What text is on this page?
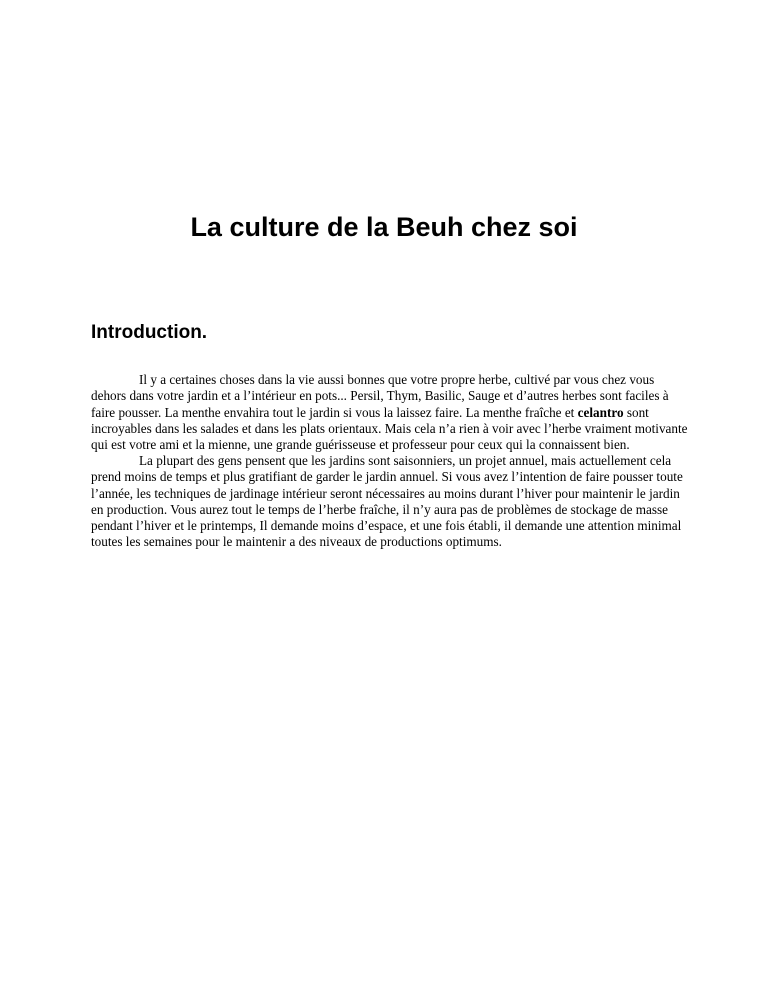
La culture de la Beuh chez soi
Introduction.

Il y a certaines choses dans la vie aussi bonnes que votre propre herbe, cultivé par vous chez vous
dehors dans votre jardin et a l’intérieur en pots... Persil, Thym, Basilic, Sauge et d’autres herbes sont faciles à
faire pousser. La menthe envahira tout le jardin si vous la laissez faire. La menthe fraîche et celantro sont
incroyables dans les salades et dans les plats orientaux. Mais cela n’a rien à voir avec l’herbe vraiment motivante
qui est votre ami et la mienne, une grande guérisseuse et professeur pour ceux qui la connaissent bien.

La plupart des gens pensent que les jardins sont saisonniers, un projet annuel, mais actuellement cela
prend moins de temps et plus gratifiant de garder le jardin annuel. Si vous avez l’intention de faire pousser toute
l’année, les techniques de jardinage intérieur seront nécessaires au moins durant l’hiver pour maintenir le jardin
en production. Vous aurez tout le temps de l’herbe fraîche, il n’y aura pas de problèmes de stockage de masse
pendant l’hiver et le printemps, Il demande moins d’espace, et une fois établi, il demande une attention minimal
toutes les semaines pour le maintenir a des niveaux de productions optimums.
